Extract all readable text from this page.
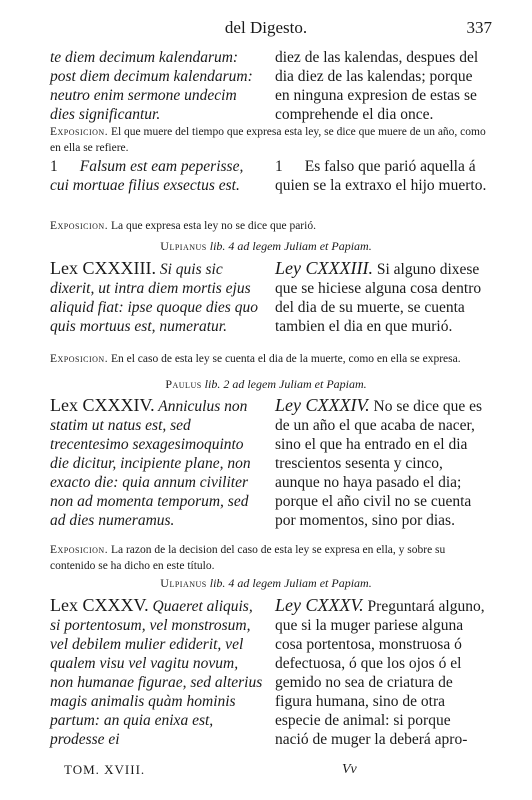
del Digesto.	337
te diem decimum kalendarum: post diem decimum kalendarum: neutro enim sermone undecim dies significantur.
diez de las kalendas, despues del dia diez de las kalendas; porque en ninguna expresion de estas se comprehende el dia once.
Exposicion. El que muere del tiempo que expresa esta ley, se dice que muere de un año, como en ella se refiere.
1 Falsum est eam peperisse, cui mortuae filius exsectus est.
1 Es falso que parió aquella á quien se la extraxo el hijo muerto.
Exposicion. La que expresa esta ley no se dice que parió.
Ulpianus lib. 4 ad legem Juliam et Papiam.
Lex CXXXIII. Si quis sic dixerit, ut intra diem mortis ejus aliquid fiat: ipse quoque dies quo quis mortuus est, numeratur.
Ley CXXXIII. Si alguno dixese que se hiciese alguna cosa dentro del dia de su muerte, se cuenta tambien el dia en que murió.
Exposicion. En el caso de esta ley se cuenta el dia de la muerte, como en ella se expresa.
Paulus lib. 2 ad legem Juliam et Papiam.
Lex CXXXIV. Anniculus non statim ut natus est, sed trecentesimo sexagesimoquinto die dicitur, incipiente plane, non exacto die: quia annum civiliter non ad momenta temporum, sed ad dies numeramus.
Ley CXXXIV. No se dice que es de un año el que acaba de nacer, sino el que ha entrado en el dia trescientos sesenta y cinco, aunque no haya pasado el dia; porque el año civil no se cuenta por momentos, sino por dias.
Exposicion. La razon de la decision del caso de esta ley se expresa en ella, y sobre su contenido se ha dicho en este título.
Ulpianus lib. 4 ad legem Juliam et Papiam.
Lex CXXXV. Quaeret aliquis, si portentosum, vel monstrosum, vel debilem mulier ediderit, vel qualem visu vel vagitu novum, non humanae figurae, sed alterius magis animalis quàm hominis partum: an quia enixa est, prodesse ei
Ley CXXXV. Preguntará alguno, que si la muger pariese alguna cosa portentosa, monstruosa ó defectuosa, ó que los ojos ó el gemido no sea de criatura de figura humana, sino de otra especie de animal: si porque nació de muger la deberá apro-
TOM. XVIII.	Vv
